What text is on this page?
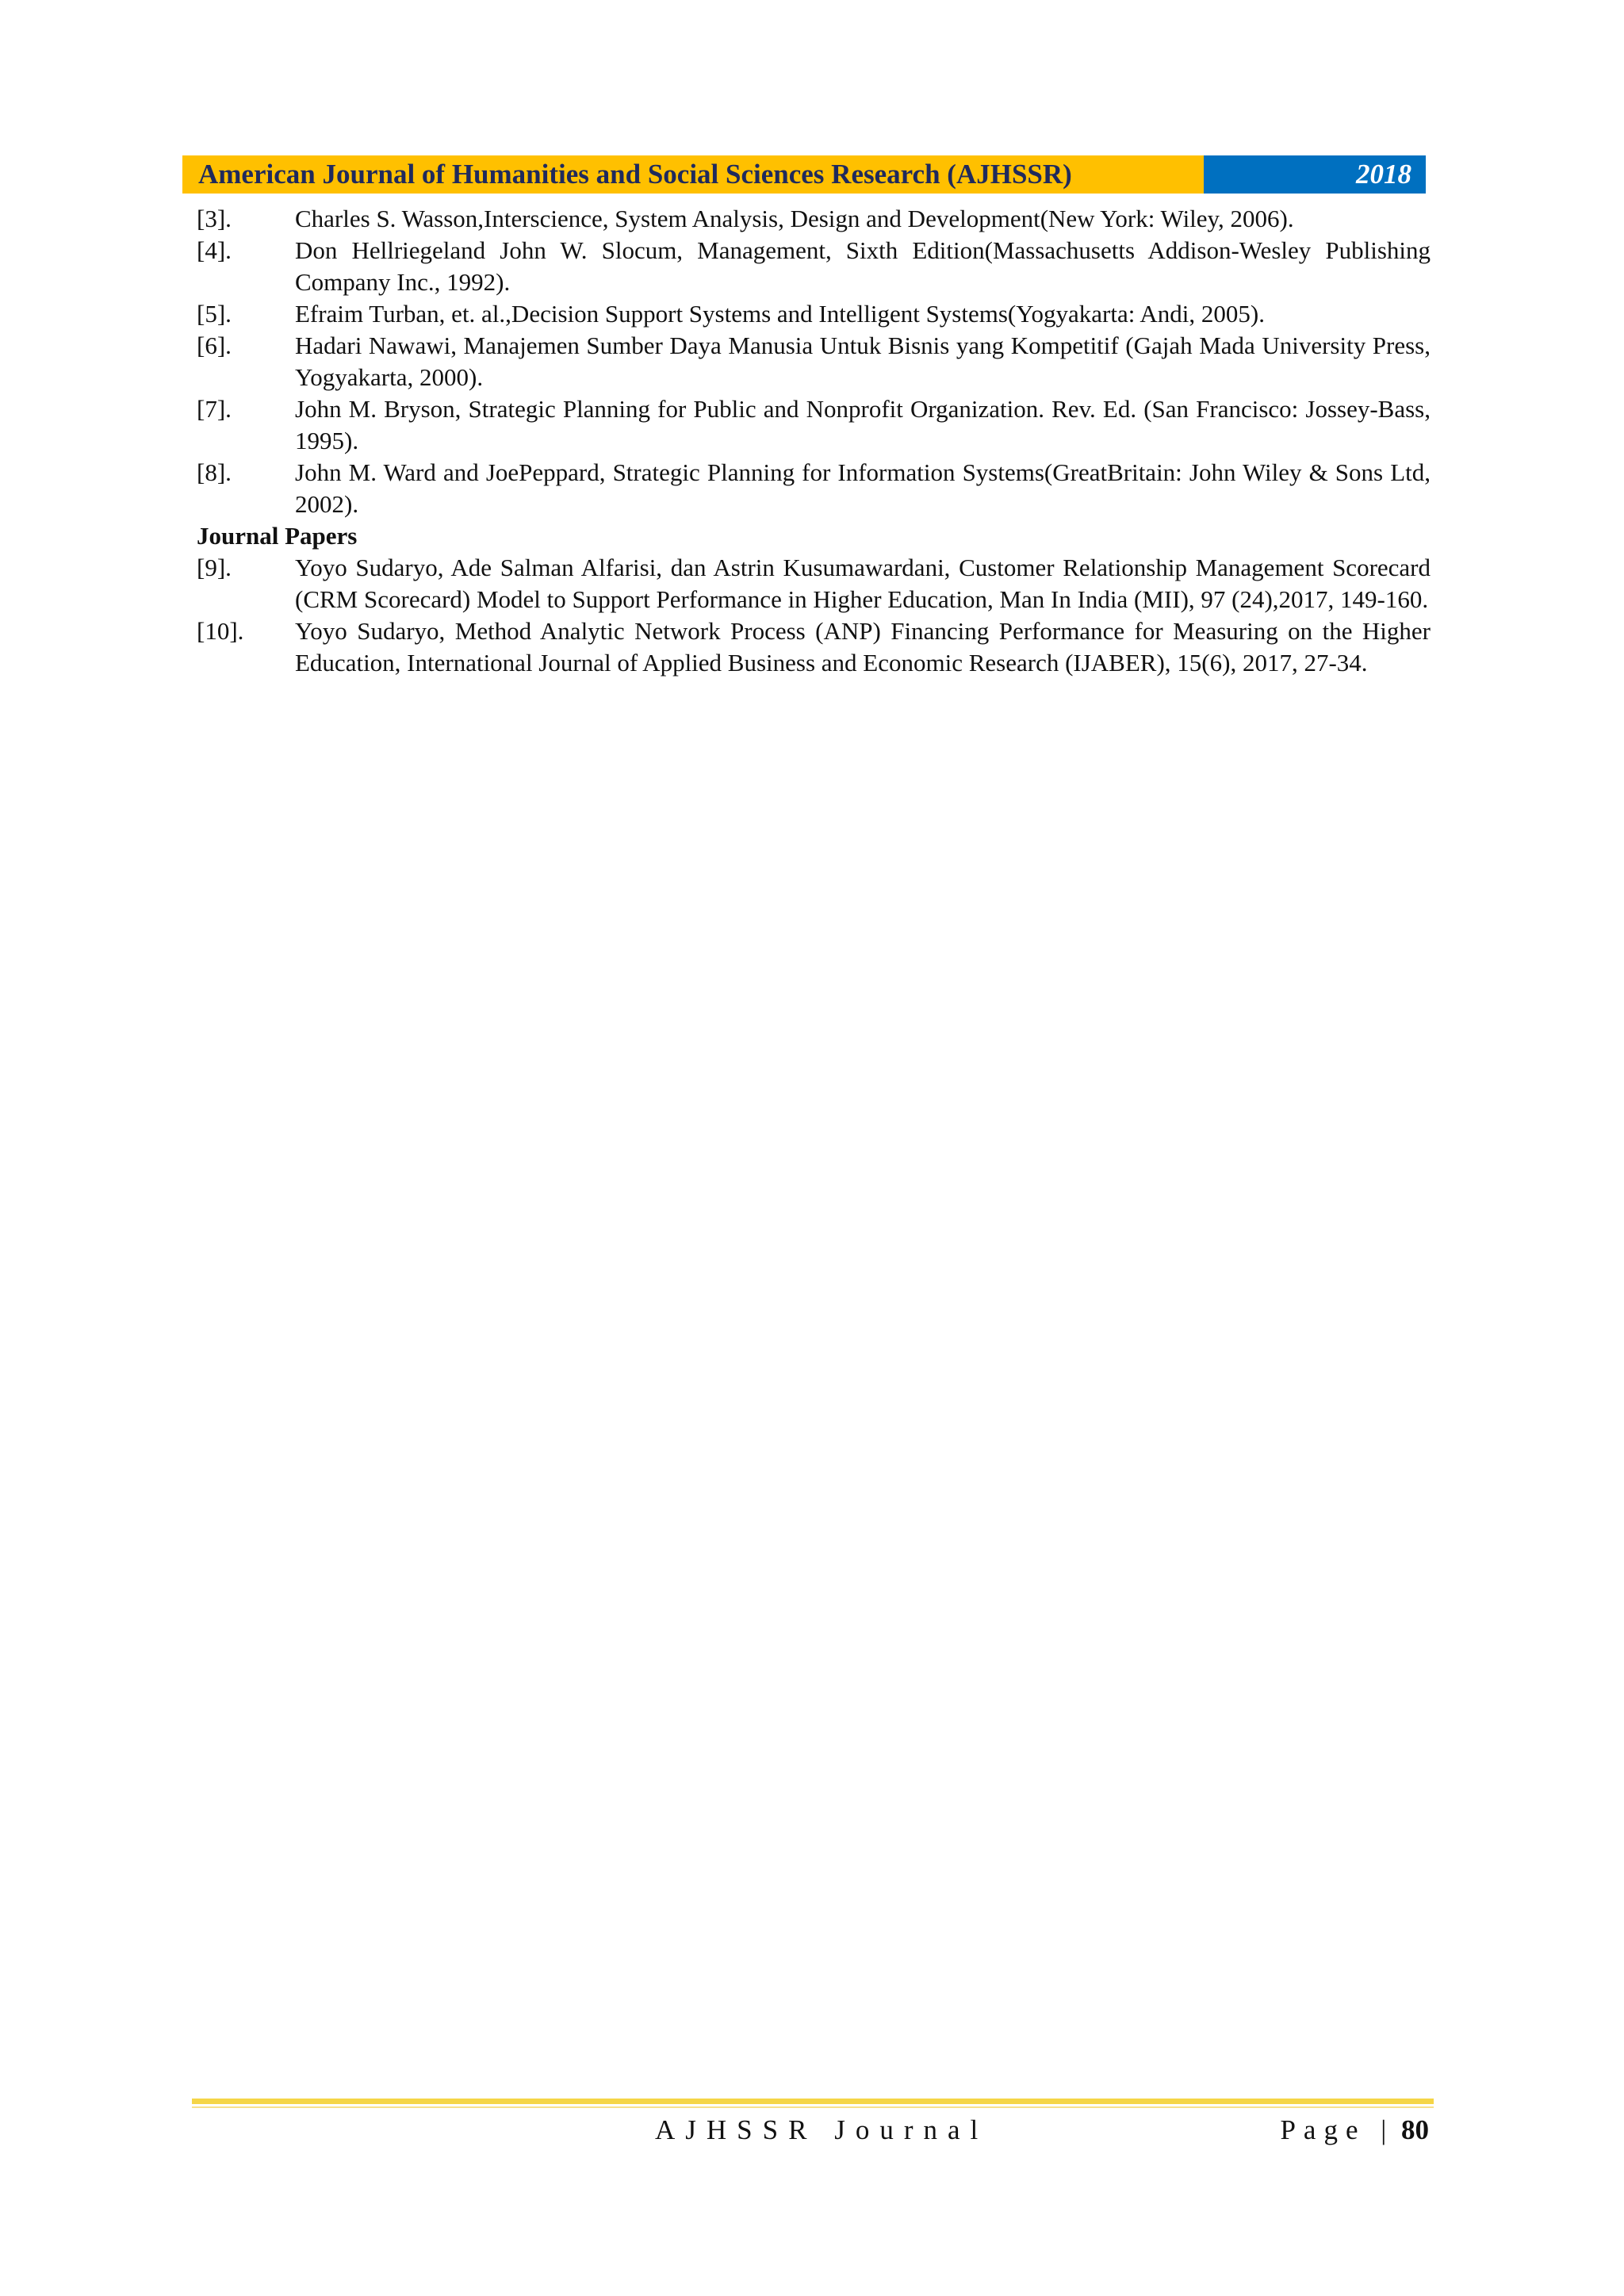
American Journal of Humanities and Social Sciences Research (AJHSSR)	2018
[3].	Charles S. Wasson,Interscience, System Analysis, Design and Development(New York: Wiley, 2006).
[4].	Don Hellriegeland John W. Slocum, Management, Sixth Edition(Massachusetts Addison-Wesley Publishing Company Inc., 1992).
[5].	Efraim Turban, et. al.,Decision Support Systems and Intelligent Systems(Yogyakarta: Andi, 2005).
[6].	Hadari Nawawi, Manajemen Sumber Daya Manusia Untuk Bisnis yang Kompetitif (Gajah Mada University Press, Yogyakarta, 2000).
[7].	John M. Bryson, Strategic Planning for Public and Nonprofit Organization. Rev. Ed. (San Francisco: Jossey-Bass, 1995).
[8].	John M. Ward and JoePeppard, Strategic Planning for Information Systems(GreatBritain: John Wiley & Sons Ltd, 2002).
Journal Papers
[9].	Yoyo Sudaryo, Ade Salman Alfarisi, dan Astrin Kusumawardani, Customer Relationship Management Scorecard (CRM Scorecard) Model to Support Performance in Higher Education, Man In India (MII), 97 (24),2017, 149-160.
[10].	Yoyo Sudaryo, Method Analytic Network Process (ANP) Financing Performance for Measuring on the Higher Education, International Journal of Applied Business and Economic Research (IJABER), 15(6), 2017, 27-34.
AJHSSR Journal	Page | 80
